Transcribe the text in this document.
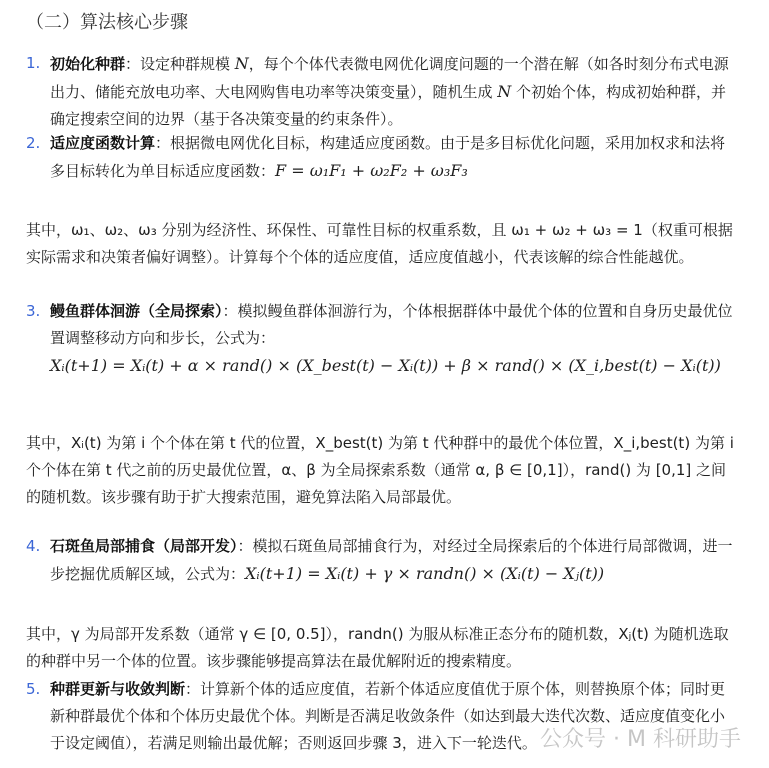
（二）算法核心步骤
1. 初始化种群：设定种群规模 N，每个个体代表微电网优化调度问题的一个潜在解（如各时刻分布式电源出力、储能充放电功率、大电网购售电功率等决策变量），随机生成 N 个初始个体，构成初始种群，并确定搜索空间的边界（基于各决策变量的约束条件）。
2. 适应度函数计算：根据微电网优化目标，构建适应度函数。由于是多目标优化问题，采用加权求和法将多目标转化为单目标适应度函数：F = ω₁F₁ + ω₂F₂ + ω₃F₃
其中，ω₁、ω₂、ω₃ 分别为经济性、环保性、可靠性目标的权重系数，且 ω₁ + ω₂ + ω₃ = 1（权重可根据实际需求和决策者偏好调整）。计算每个个体的适应度值，适应度值越小，代表该解的综合性能越优。
3. 鳗鱼群体洄游（全局探索）：模拟鳗鱼群体洄游行为，个体根据群体中最优个体的位置和自身历史最优位置调整移动方向和步长，公式为：
Xᵢ(t+1) = Xᵢ(t) + α × rand() × (X_best(t) − Xᵢ(t)) + β × rand() × (X_i,best(t) − Xᵢ(t))
其中，Xᵢ(t) 为第 i 个个体在第 t 代的位置，X_best(t) 为第 t 代种群中的最优个体位置，X_i,best(t) 为第 i 个个体在第 t 代之前的历史最优位置，α、β 为全局探索系数（通常 α, β ∈ [0,1]），rand() 为 [0,1] 之间的随机数。该步骤有助于扩大搜索范围，避免算法陷入局部最优。
4. 石斑鱼局部捕食（局部开发）：模拟石斑鱼局部捕食行为，对经过全局探索后的个体进行局部微调，进一步挖掘优质解区域，公式为：Xᵢ(t+1) = Xᵢ(t) + γ × randn() × (Xᵢ(t) − Xⱼ(t))
其中，γ 为局部开发系数（通常 γ ∈ [0, 0.5]），randn() 为服从标准正态分布的随机数，Xⱼ(t) 为随机选取的种群中另一个体的位置。该步骤能够提高算法在最优解附近的搜索精度。
5. 种群更新与收敛判断：计算新个体的适应度值，若新个体适应度值优于原个体，则替换原个体；同时更新种群最优个体和个体历史最优个体。判断是否满足收敛条件（如达到最大迭代次数、适应度值变化小于设定阈值），若满足则输出最优解；否则返回步骤 3，进入下一轮迭代。 公众号 · M 科研助手
